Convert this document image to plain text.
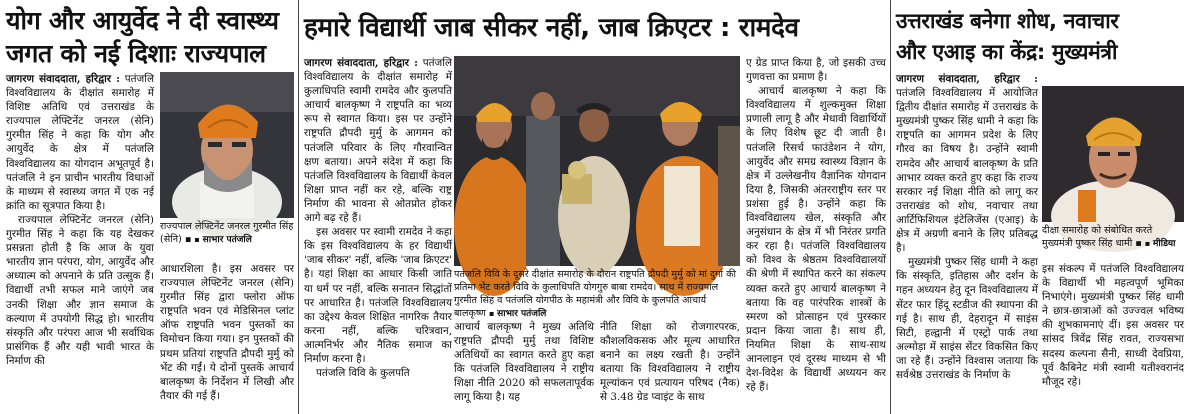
योग और आयुर्वेद ने दी स्वास्थ्य
जगत को नई दिशाः राज्यपाल

जागरण संवाददाता, हरिद्वार : पतंजलि विश्वविद्यालय के दीक्षांत समारोह में विशिष्ट अतिथि एवं उत्तराखंड के राज्यपाल लेफ्टिनेंट जनरल (सेनि) गुरमीत सिंह ने कहा कि योग और आयुर्वेद के क्षेत्र में पतंजलि विश्वविद्यालय का योगदान अभूतपूर्व है। पतंजलि ने इन प्राचीन भारतीय विधाओं के माध्यम से स्वास्थ्य जगत में एक नई क्रांति का सूत्रपात किया है।

राज्यपाल लेफ्टिनेंट जनरल (सेनि) गुरमीत सिंह ने कहा कि यह देखकर प्रसन्नता होती है कि आज के युवा भारतीय ज्ञान परंपरा, योग, आयुर्वेद और अध्यात्म को अपनाने के प्रति उत्सुक हैं। विद्यार्थी तभी सफल माने जाएंगे जब उनकी शिक्षा और ज्ञान समाज के कल्याण में उपयोगी सिद्ध हो। भारतीय संस्कृति और परंपरा आज भी सर्वाधिक प्रासंगिक हैं और यही भावी भारत के निर्माण की

राज्यपाल लेफ्टिनेंट जनरल गुरमीत सिंह (सेनि) ▪ ▪ साभार पतंजलि

आधारशिला है। इस अवसर पर राज्यपाल लेफ्टिनेंट जनरल (सेनि) गुरमीत सिंह द्वारा फ्लोरा ऑफ राष्ट्रपति भवन एवं मेडिसिनल प्लांट ऑफ राष्ट्रपति भवन पुस्तकों का विमोचन किया गया। इन पुस्तकों की प्रथम प्रतियां राष्ट्रपति द्रौपदी मुर्मु को भेंट की गईं। ये दोनों पुस्तकें आचार्य बालकृष्ण के निर्देशन में लिखी और तैयार की गई हैं।

हमारे विद्यार्थी जाब सीकर नहीं, जाब क्रिएटर : रामदेव

जागरण संवाददाता, हरिद्वार : पतंजलि विश्वविद्यालय के दीक्षांत समारोह में कुलाधिपति स्वामी रामदेव और कुलपति आचार्य बालकृष्ण ने राष्ट्रपति का भव्य रूप से स्वागत किया। इस पर उन्होंने राष्ट्रपति द्रौपदी मुर्मु के आगमन को पतंजलि परिवार के लिए गौरवान्वित क्षण बताया। अपने संदेश में कहा कि पतंजलि विश्वविद्यालय के विद्यार्थी केवल शिक्षा प्राप्त नहीं कर रहे, बल्कि राष्ट्र निर्माण की भावना से ओतप्रोत होकर आगे बढ़ रहे हैं।

इस अवसर पर स्वामी रामदेव ने कहा कि इस विश्वविद्यालय के हर विद्यार्थी 'जाब सीकर' नहीं, बल्कि 'जाब क्रिएटर' है। यहां शिक्षा का आधार किसी जाति या धर्म पर नहीं, बल्कि सनातन सिद्धांतों पर आधारित है। पतंजलि विश्वविद्यालय का उद्देश्य केवल शिक्षित नागरिक तैयार करना नहीं, बल्कि चरित्रवान, आत्मनिर्भर और नैतिक समाज का निर्माण करना है।

पतंजलि विवि के कुलपति

पतंजलि विवि के दूसरे दीक्षांत समारोह के दौरान राष्ट्रपति द्रौपदी मुर्मु को मां दुर्गा की प्रतिमा भेंट करते विवि के कुलाधिपति योगगुरु बाबा रामदेव। साथ में राज्यपाल गुरमीत सिंह व पतंजलि योगपीठ के महामंत्री और विवि के कुलपति आचार्य बालकृष्ण ▪ साभार पतंजलि

आचार्य बालकृष्ण ने मुख्य अतिथि राष्ट्रपति द्रौपदी मुर्मु तथा विशिष्ट अतिथियों का स्वागत करते हुए कहा कि पतंजलि विश्वविद्यालय ने राष्ट्रीय शिक्षा नीति 2020 को सफलतापूर्वक लागू किया है। यह

नीति शिक्षा को रोजगारपरक, कौशलविकसक और मूल्य आधारित बनाने का लक्ष्य रखती है। उन्होंने बताया कि विश्वविद्यालय ने राष्ट्रीय मूल्यांकन एवं प्रत्यायन परिषद (नैक) से 3.48 ग्रेड प्वाइंट के साथ

ए ग्रेड प्राप्त किया है, जो इसकी उच्च गुणवत्ता का प्रमाण है।

आचार्य बालकृष्ण ने कहा कि विश्वविद्यालय में शुल्कमुक्त शिक्षा प्रणाली लागू है और मेधावी विद्यार्थियों के लिए विशेष छूट दी जाती है। पतंजलि रिसर्च फाउंडेशन ने योग, आयुर्वेद और समग्र स्वास्थ्य विज्ञान के क्षेत्र में उल्लेखनीय वैज्ञानिक योगदान दिया है, जिसकी अंतरराष्ट्रीय स्तर पर प्रशंसा हुई है। उन्होंने कहा कि विश्वविद्यालय खेल, संस्कृति और अनुसंधान के क्षेत्र में भी निरंतर प्रगति कर रहा है। पतंजलि विश्वविद्यालय को विश्व के श्रेष्ठतम विश्वविद्यालयों की श्रेणी में स्थापित करने का संकल्प व्यक्त करते हुए आचार्य बालकृष्ण ने बताया कि वह पारंपरिक शास्त्रों के स्मरण को प्रोत्साहन एवं पुरस्कार प्रदान किया जाता है। साथ ही, नियमित शिक्षा के साथ-साथ आनलाइन एवं दूरस्थ माध्यम से भी देश-विदेश के विद्यार्थी अध्ययन कर रहे हैं।

उत्तराखंड बनेगा शोध, नवाचार
और एआइ का केंद्र: मुख्यमंत्री

जागरण संवाददाता, हरिद्वार : पतंजलि विश्वविद्यालय में आयोजित द्वितीय दीक्षांत समारोह में उत्तराखंड के मुख्यमंत्री पुष्कर सिंह धामी ने कहा कि राष्ट्रपति का आगमन प्रदेश के लिए गौरव का विषय है। उन्होंने स्वामी रामदेव और आचार्य बालकृष्ण के प्रति आभार व्यक्त करते हुए कहा कि राज्य सरकार नई शिक्षा नीति को लागू कर उत्तराखंड को शोध, नवाचार तथा आर्टिफिशियल इंटेलिजेंस (एआइ) के क्षेत्र में अग्रणी बनाने के लिए प्रतिबद्ध है।

मुख्यमंत्री पुष्कर सिंह धामी ने कहा कि संस्कृति, इतिहास और दर्शन के गहन अध्ययन हेतु दून विश्वविद्यालय में सेंटर फार हिंदू स्टडीज की स्थापना की गई है। साथ ही, देहरादून में साइंस सिटी, हल्द्वानी में एस्ट्रो पार्क तथा अल्मोड़ा में साइंस सेंटर विकसित किए जा रहे हैं। उन्होंने विश्वास जताया कि सर्वश्रेष्ठ उत्तराखंड के निर्माण के

दीक्षा समारोह को संबोधित करते मुख्यमंत्री पुष्कर सिंह धामी ▪ ▪ मीडिया

इस संकल्प में पतंजलि विश्वविद्यालय के विद्यार्थी भी महत्वपूर्ण भूमिका निभाएंगे। मुख्यमंत्री पुष्कर सिंह धामी ने छात्र-छात्राओं को उज्ज्वल भविष्य की शुभकामनाएं दीं। इस अवसर पर सांसद त्रिवेंद्र सिंह रावत, राज्यसभा सदस्य कल्पना सैनी, साध्वी देवप्रिया, पूर्व कैबिनेट मंत्री स्वामी यतीश्वरानंद मौजूद रहे।
